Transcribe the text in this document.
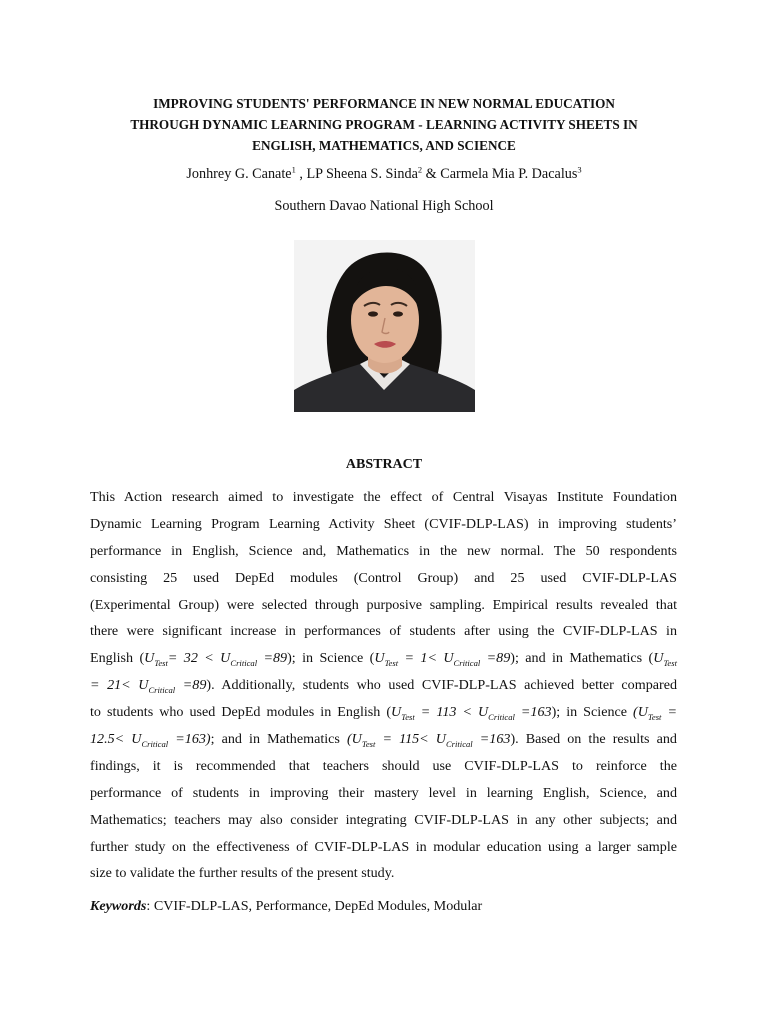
IMPROVING STUDENTS' PERFORMANCE IN NEW NORMAL EDUCATION
THROUGH DYNAMIC LEARNING PROGRAM - LEARNING ACTIVITY SHEETS IN
ENGLISH, MATHEMATICS, AND SCIENCE
Jonhrey G. Canate$^1$ , LP Sheena S. Sinda$^2$ & Carmela Mia P. Dacalus$^3$
Southern Davao National High School
ABSTRACT
This Action research aimed to investigate the effect of Central Visayas Institute Foundation
Dynamic Learning Program Learning Activity Sheet (CVIF-DLP-LAS) in improving students’
performance in English, Science and, Mathematics in the new normal. The 50 respondents
consisting 25 used DepEd modules (Control Group) and 25 used CVIF-DLP-LAS
(Experimental Group) were selected through purposive sampling. Empirical results revealed that
there were significant increase in performances of students after using the CVIF-DLP-LAS in
English $(U_{Test}= 32 < U_{Critical} =89)$; in Science $(U_{Test} = 1< U_{Critical} =89)$; and in Mathematics ($U_{Test}$
= $21< U_{Critical} =89$). Additionally, students who used CVIF-DLP-LAS achieved better compared
to students who used DepEd modules in English $(U_{Test} = 113 < U_{Critical} =163)$; in Science ($U_{Test}$ =
$12.5< U_{Critical} =163$); and in Mathematics $(U_{Test} = 115< U_{Critical} =163)$. Based on the results and
findings, it is recommended that teachers should use CVIF-DLP-LAS to reinforce the
performance of students in improving their mastery level in learning English, Science, and
Mathematics; teachers may also consider integrating CVIF-DLP-LAS in any other subjects; and
further study on the effectiveness of CVIF-DLP-LAS in modular education using a larger sample
size to validate the further results of the present study.
Keywords: CVIF-DLP-LAS, Performance, DepEd Modules, Modular
